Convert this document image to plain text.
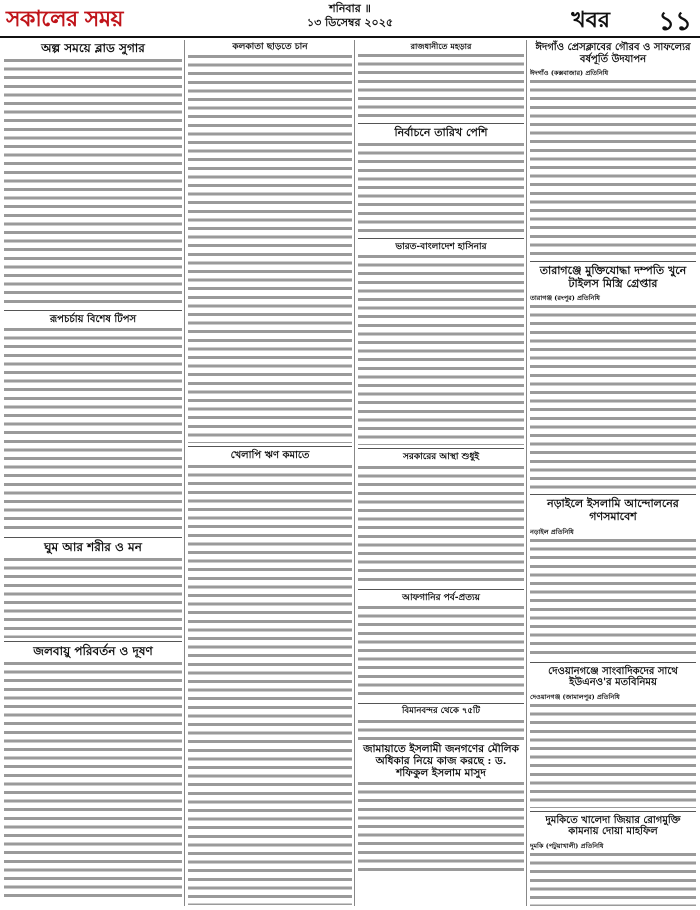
সকালের সময়	শনিবার ॥
১৩ ডিসেম্বর ২০২৫	খবর ১১
অল্প সময়ে ব্লাড সুগার

রূপচর্চায় বিশেষ টিপস

ঘুম আর শরীর ও মন

জলবায়ু পরিবর্তন ও দূষণ

কলকাতা ছাড়তে চান

খেলাপি ঋণ কমাতে

রাজধানীতে মহড়ার

নির্বাচনে তারিখ পেশি

ভারত-বাংলাদেশ হাসিনার

সরকারের আস্থা শুধুই

আফগানির পর্ব-প্রত্যয়

বিমানবন্দর থেকে ৭৫টি

জামায়াতে ইসলামী জনগণের মৌলিক অধিকার নিয়ে কাজ করছে : ড. শফিকুল ইসলাম মাসুদ

ঈদগাঁও প্রেসক্লাবের গৌরব ও সাফল্যের বর্ষপূর্তি উদযাপন
ঈদগাঁও (কক্সবাজার) প্রতিনিধি

তারাগঞ্জে মুক্তিযোদ্ধা দম্পতি খুনে টাইলস মিস্ত্রি গ্রেপ্তার
তারাগঞ্জ (রংপুর) প্রতিনিধি

নড়াইলে ইসলামি আন্দোলনের গণসমাবেশ
নড়াইল প্রতিনিধি

দেওয়ানগঞ্জে সাংবাদিকদের সাথে ইউএনও'র মতবিনিময়
দেওয়ানগঞ্জ (জামালপুর) প্রতিনিধি

দুমকিতে খালেদা জিয়ার রোগমুক্তি কামনায় দোয়া মাহফিল
দুমকি (পটুয়াখালী) প্রতিনিধি
